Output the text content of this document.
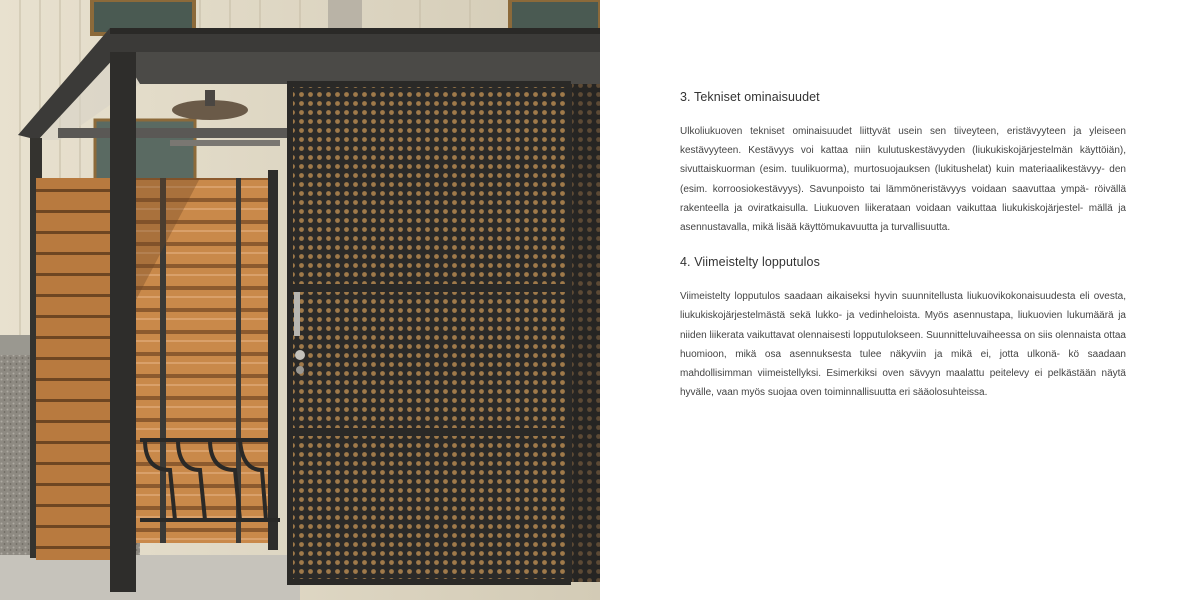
3. Tekniset ominaisuudet

Ulkoliukuoven tekniset ominaisuudet liittyvät usein sen tiiveyteen, eristävyyteen ja yleiseen kestävyyteen. Kestävyys voi kattaa niin kulutuskestävyyden (liukukiskojärjestelmän käyttöiän), sivuttaiskuorman (esim. tuulikuorma), murtosuojauksen (lukitushelat) kuin materiaalikestävyy- den (esim. korroosiokestävyys). Savunpoisto tai lämmöneristävyys voidaan saavuttaa ympä- röivällä rakenteella ja oviratkaisulla. Liukuoven liikerataan voidaan vaikuttaa liukukiskojärjestel- mällä ja asennustavalla, mikä lisää käyttömukavuutta ja turvallisuutta.

4. Viimeistelty lopputulos

Viimeistelty lopputulos saadaan aikaiseksi hyvin suunnitellusta liukuovikokonaisuudesta eli ovesta, liukukiskojärjestelmästä sekä lukko- ja vedinheloista. Myös asennustapa, liukuovien lukumäärä ja niiden liikerata vaikuttavat olennaisesti lopputulokseen. Suunnitteluvaiheessa on siis olennaista ottaa huomioon, mikä osa asennuksesta tulee näkyviin ja mikä ei, jotta ulkonä- kö saadaan mahdollisimman viimeistellyksi. Esimerkiksi oven sävyyn maalattu peitelevy ei pelkästään näytä hyvälle, vaan myös suojaa oven toiminnallisuutta eri sääolosuhteissa.
